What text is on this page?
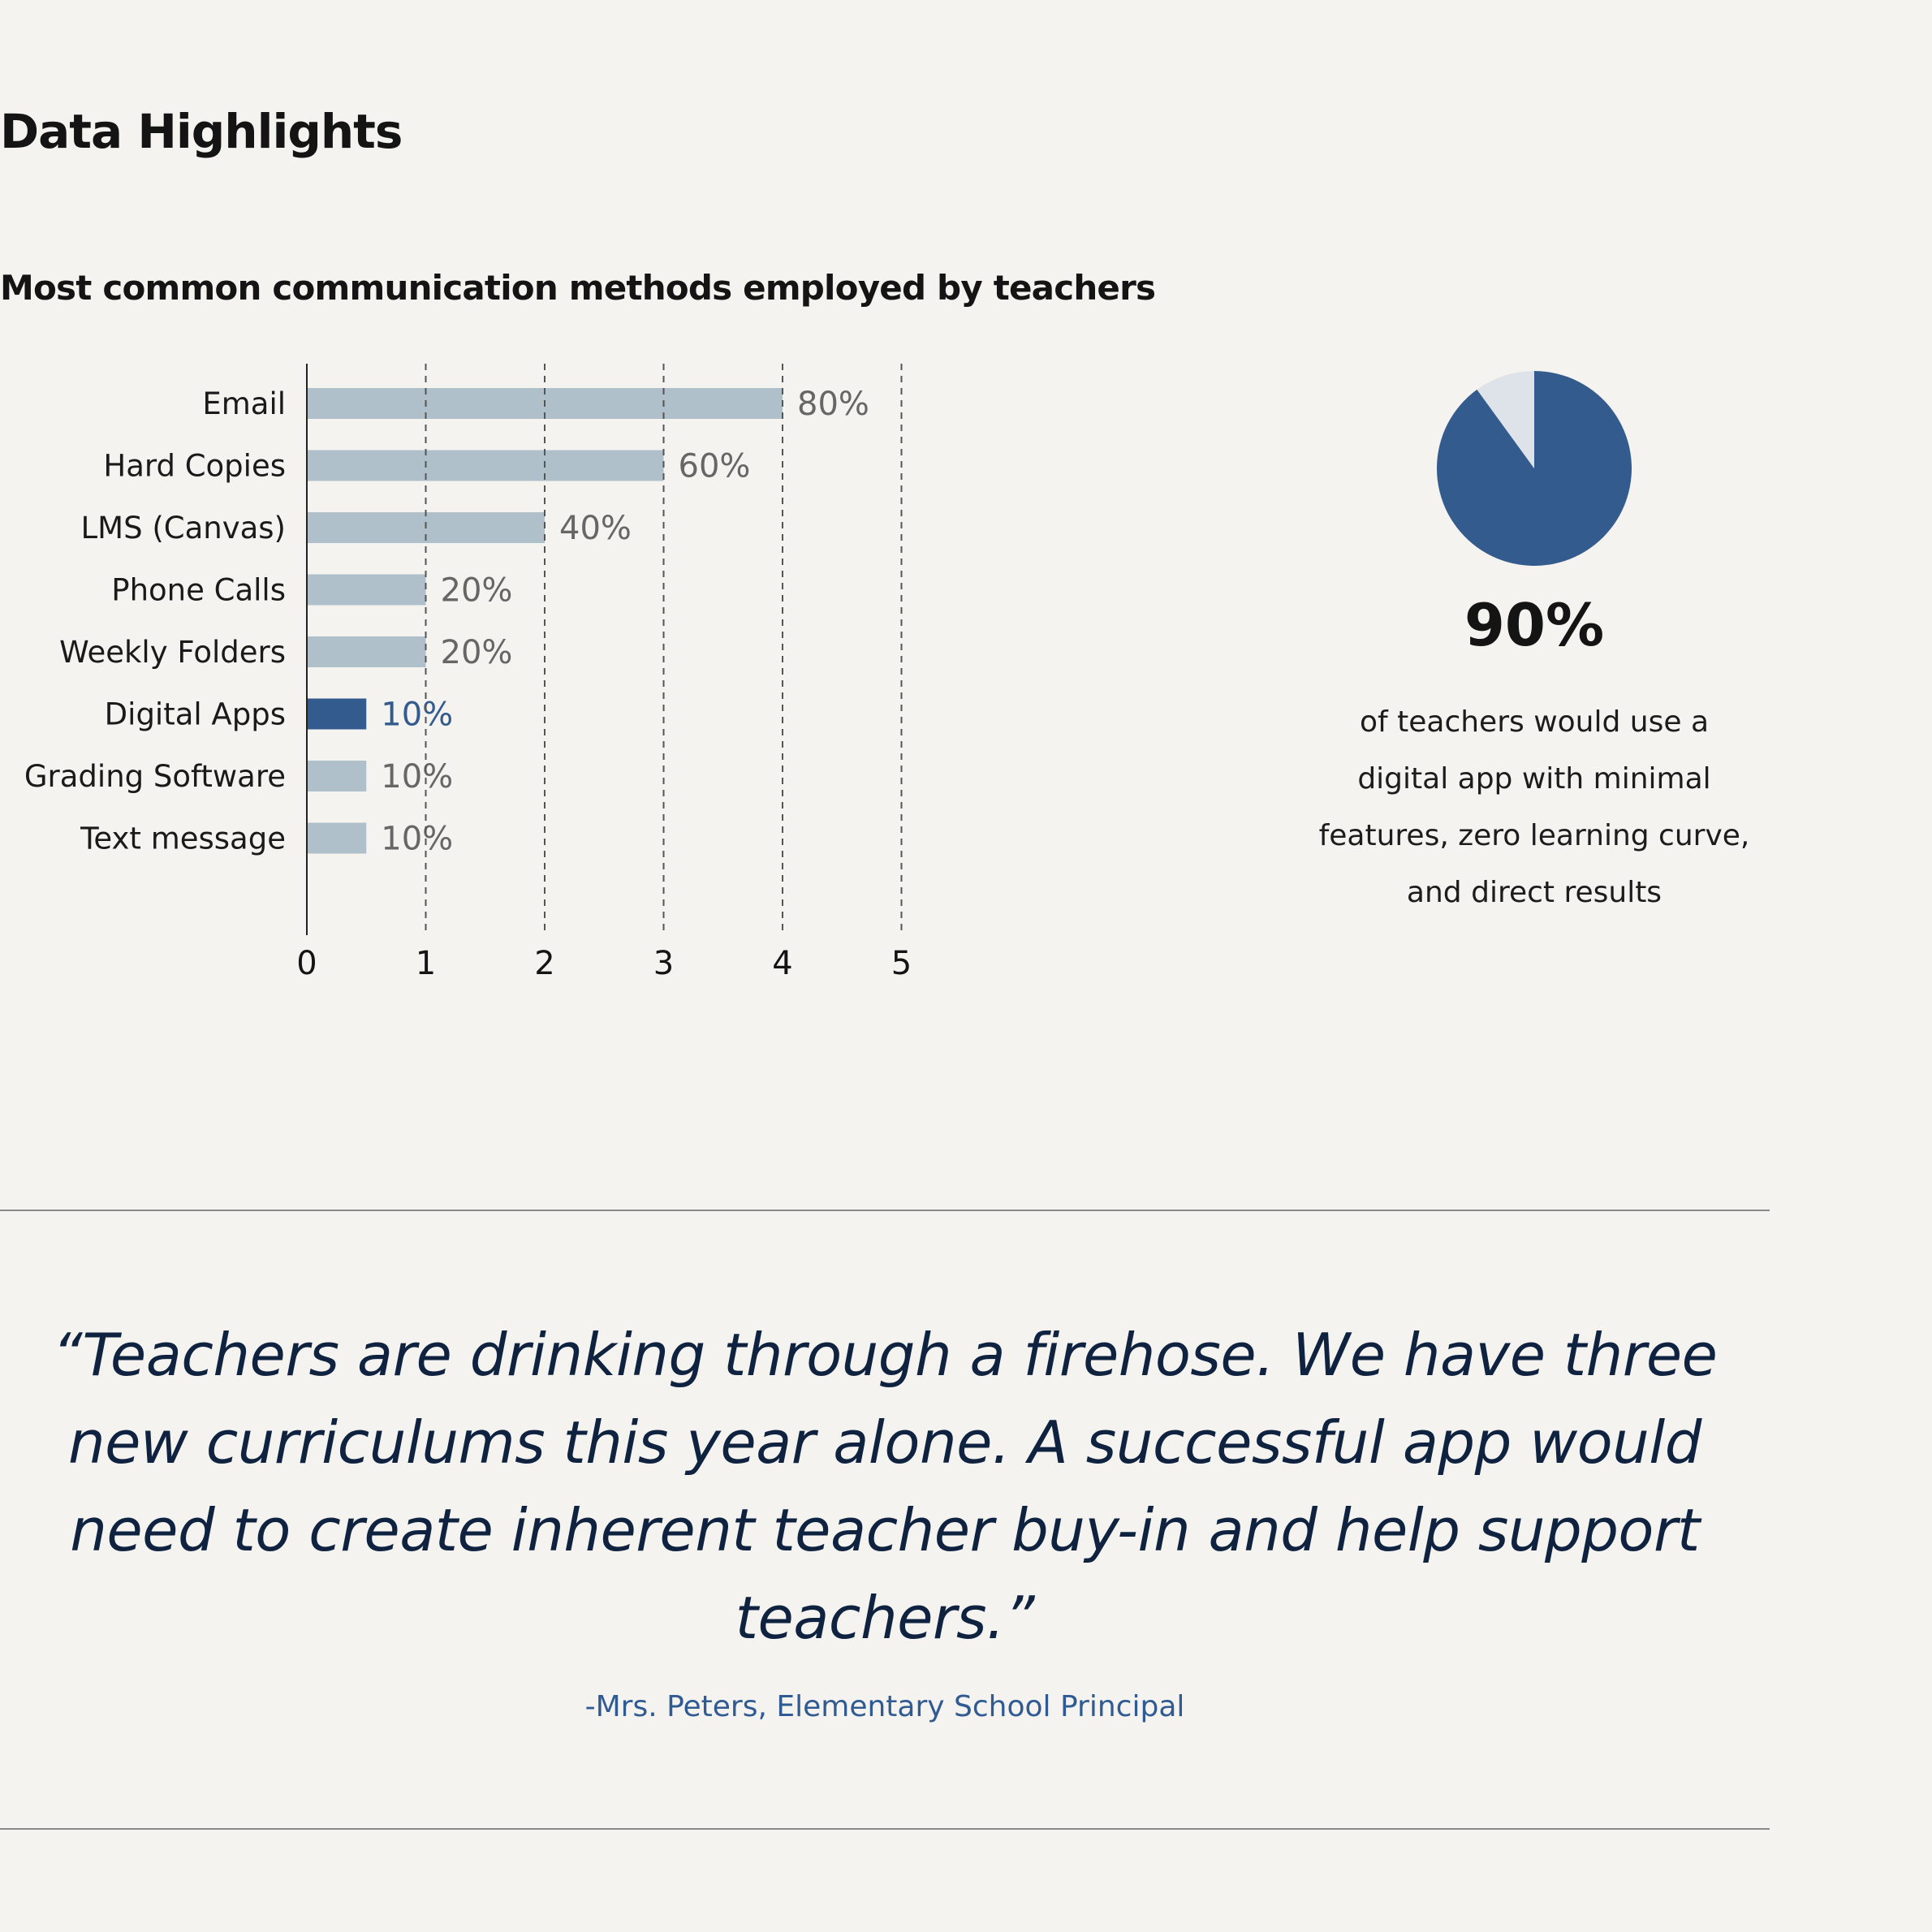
Data Highlights
Most common communication methods employed by teachers
Email	80%
Hard Copies	60%
LMS (Canvas)	40%
Phone Calls	20%
Weekly Folders	20%
Digital Apps	10%
Grading Software	10%
Text message	10%
0	1	2	3	4	5

90%

of teachers would use a
digital app with minimal
features, zero learning curve,
and direct results

“Teachers are drinking through a firehose. We have three new curriculums this year alone. A successful app would need to create inherent teacher buy-in and help support teachers.”

-Mrs. Peters, Elementary School Principal
